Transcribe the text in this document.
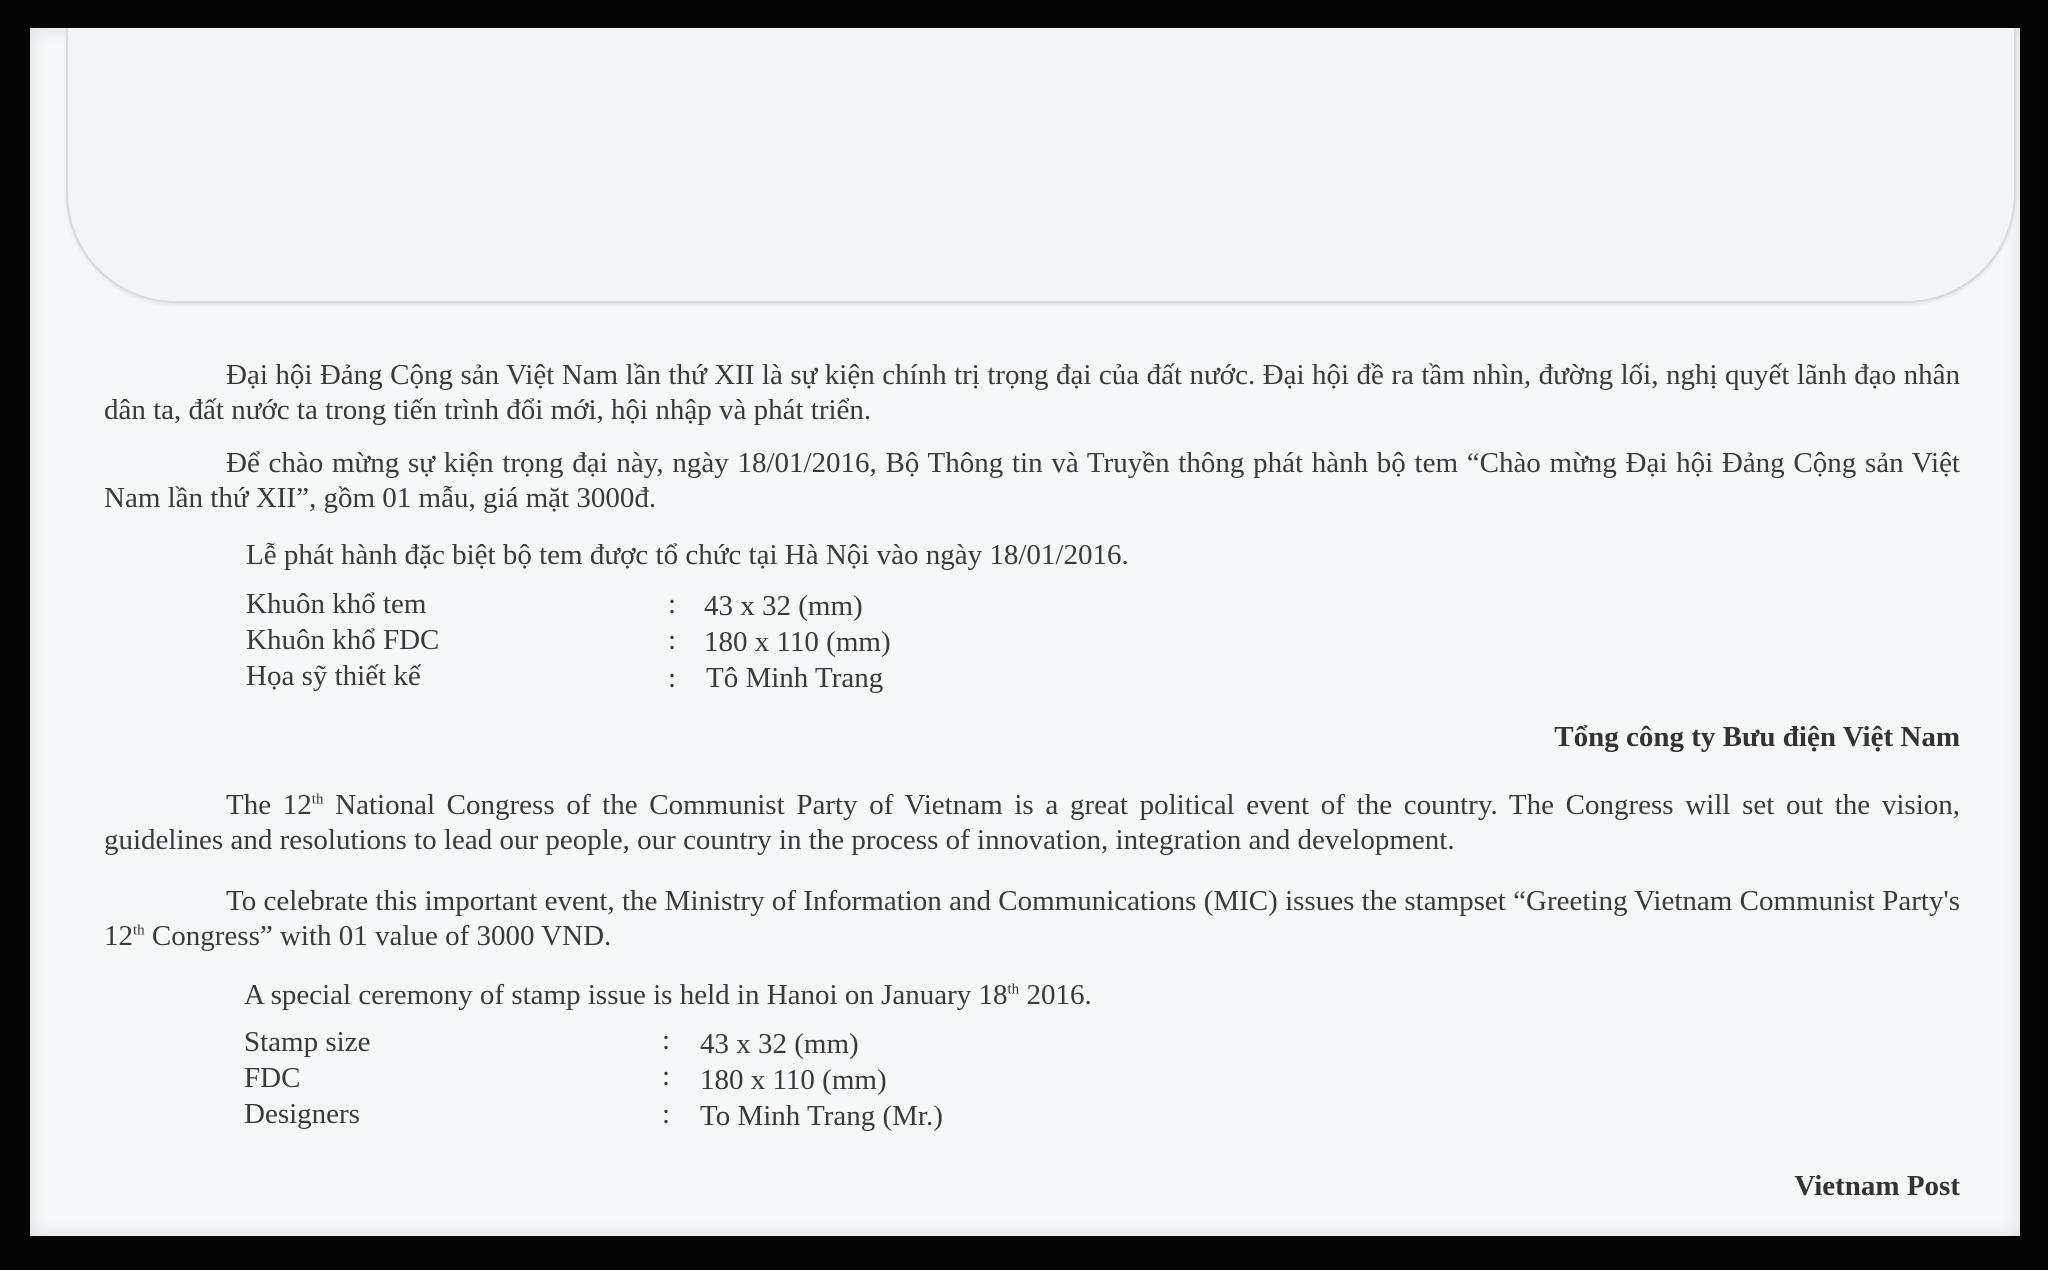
Đại hội Đảng Cộng sản Việt Nam lần thứ XII là sự kiện chính trị trọng đại của đất nước. Đại hội đề ra tầm nhìn, đường lối, nghị quyết lãnh đạo nhân dân ta, đất nước ta trong tiến trình đổi mới, hội nhập và phát triển.

Để chào mừng sự kiện trọng đại này, ngày 18/01/2016, Bộ Thông tin và Truyền thông phát hành bộ tem “Chào mừng Đại hội Đảng Cộng sản Việt Nam lần thứ XII”, gồm 01 mẫu, giá mặt 3000đ.

Lễ phát hành đặc biệt bộ tem được tổ chức tại Hà Nội vào ngày 18/01/2016.

Khuôn khổ tem	: 43 x 32 (mm)
Khuôn khổ FDC	: 180 x 110 (mm)
Họa sỹ thiết kế	: Tô Minh Trang
Tổng công ty Bưu điện Việt Nam

The 12th National Congress of the Communist Party of Vietnam is a great political event of the country. The Congress will set out the vision, guidelines and resolutions to lead our people, our country in the process of innovation, integration and development.

To celebrate this important event, the Ministry of Information and Communications (MIC) issues the stampset “Greeting Vietnam Communist Party's 12th Congress” with 01 value of 3000 VND.

A special ceremony of stamp issue is held in Hanoi on January 18th 2016.

Stamp size	: 43 x 32 (mm)
FDC	: 180 x 110 (mm)
Designers	: To Minh Trang (Mr.)
Vietnam Post
